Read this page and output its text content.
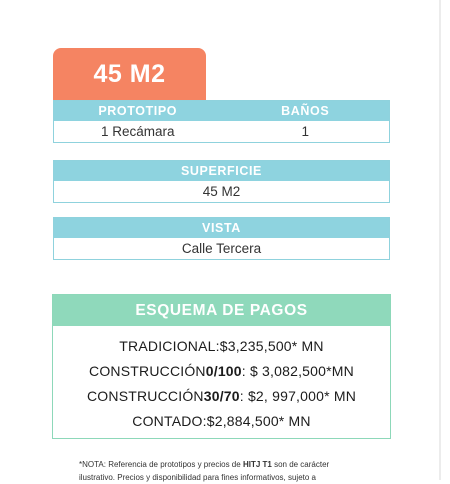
45 M2
PROTOTIPO	BAÑOS
1 Recámara	1
SUPERFICIE
45 M2
VISTA
Calle Tercera
ESQUEMA DE PAGOS
TRADICIONAL: $3,235,500* MN
CONSTRUCCIÓN 0/100 : $ 3,082,500*MN
CONSTRUCCIÓN 30/70 : $2, 997,000* MN
CONTADO: $2,884,500* MN
*NOTA: Referencia de prototipos y precios de HITJ T1 son de carácter
ilustrativo. Precios y disponibilidad para fines informativos, sujeto a
